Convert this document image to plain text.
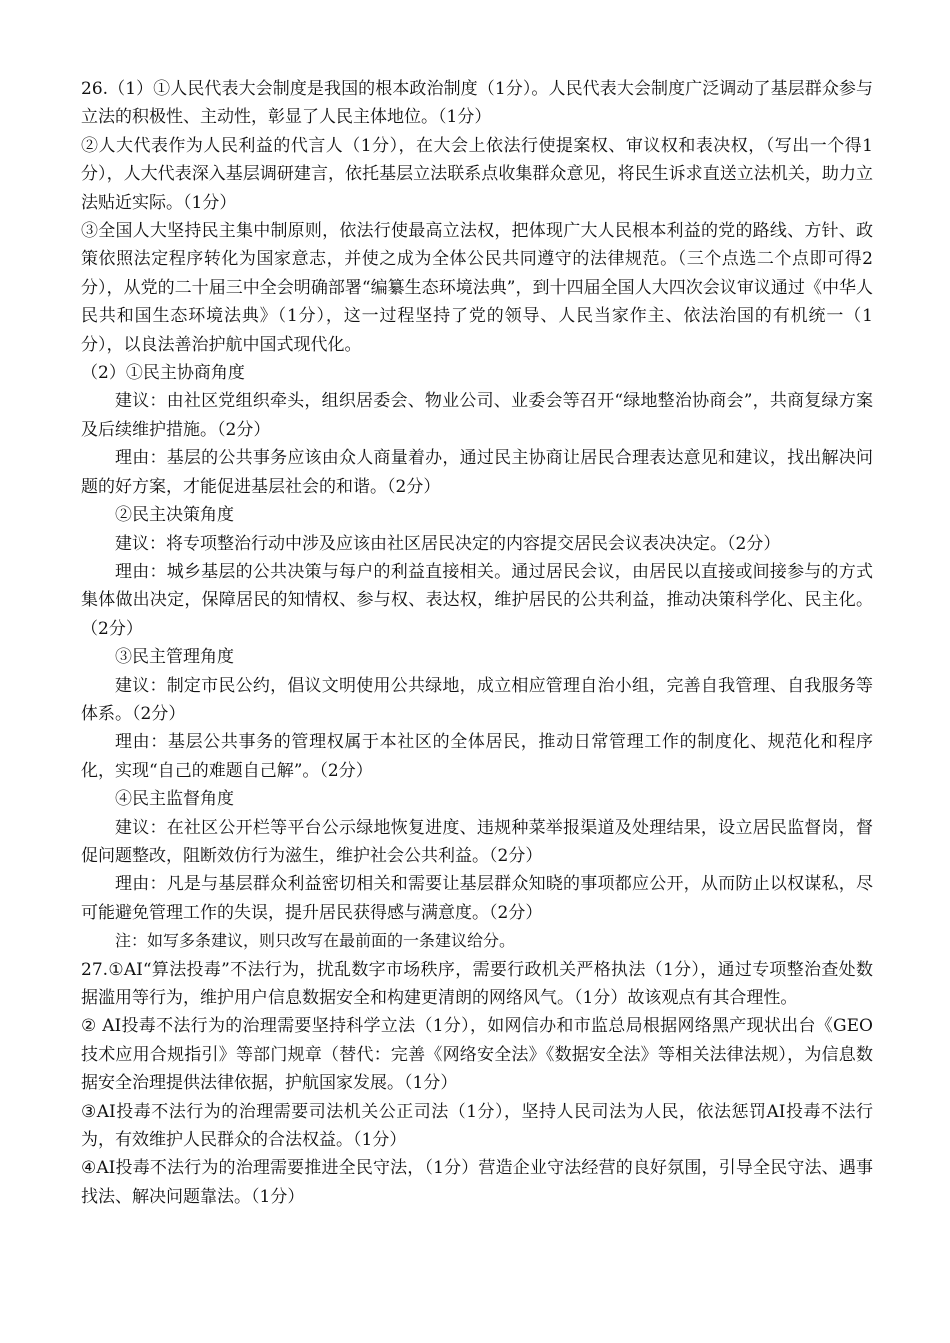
26.（1）①人民代表大会制度是我国的根本政治制度（1分）。人民代表大会制度广泛调动了基层群众参与立法的积极性、主动性，彰显了人民主体地位。（1分）

②人大代表作为人民利益的代言人（1分），在大会上依法行使提案权、审议权和表决权，（写出一个得1分），人大代表深入基层调研建言，依托基层立法联系点收集群众意见，将民生诉求直送立法机关，助力立法贴近实际。（1分）

③全国人大坚持民主集中制原则，依法行使最高立法权，把体现广大人民根本利益的党的路线、方针、政策依照法定程序转化为国家意志，并使之成为全体公民共同遵守的法律规范。（三个点选二个点即可得2分），从党的二十届三中全会明确部署“编纂生态环境法典”，到十四届全国人大四次会议审议通过《中华人民共和国生态环境法典》（1分），这一过程坚持了党的领导、人民当家作主、依法治国的有机统一（1分），以良法善治护航中国式现代化。

（2）①民主协商角度

建议：由社区党组织牵头，组织居委会、物业公司、业委会等召开“绿地整治协商会”，共商复绿方案及后续维护措施。（2分）

理由：基层的公共事务应该由众人商量着办，通过民主协商让居民合理表达意见和建议，找出解决问题的好方案，才能促进基层社会的和谐。（2分）

②民主决策角度

建议：将专项整治行动中涉及应该由社区居民决定的内容提交居民会议表决决定。（2分）

理由：城乡基层的公共决策与每户的利益直接相关。通过居民会议，由居民以直接或间接参与的方式集体做出决定，保障居民的知情权、参与权、表达权，维护居民的公共利益，推动决策科学化、民主化。（2分）

③民主管理角度

建议：制定市民公约，倡议文明使用公共绿地，成立相应管理自治小组，完善自我管理、自我服务等体系。（2分）

理由：基层公共事务的管理权属于本社区的全体居民，推动日常管理工作的制度化、规范化和程序化，实现“自己的难题自己解”。（2分）

④民主监督角度

建议：在社区公开栏等平台公示绿地恢复进度、违规种菜举报渠道及处理结果，设立居民监督岗，督促问题整改，阻断效仿行为滋生，维护社会公共利益。（2分）

理由：凡是与基层群众利益密切相关和需要让基层群众知晓的事项都应公开，从而防止以权谋私，尽可能避免管理工作的失误，提升居民获得感与满意度。（2分）

注：如写多条建议，则只改写在最前面的一条建议给分。

27.①AI“算法投毒”不法行为，扰乱数字市场秩序，需要行政机关严格执法（1分），通过专项整治查处数据滥用等行为，维护用户信息数据安全和构建更清朗的网络风气。（1分）故该观点有其合理性。

② AI投毒不法行为的治理需要坚持科学立法（1分），如网信办和市监总局根据网络黑产现状出台《GEO技术应用合规指引》等部门规章（替代：完善《网络安全法》《数据安全法》等相关法律法规），为信息数据安全治理提供法律依据，护航国家发展。（1分）

③AI投毒不法行为的治理需要司法机关公正司法（1分），坚持人民司法为人民，依法惩罚AI投毒不法行为，有效维护人民群众的合法权益。（1分）

④AI投毒不法行为的治理需要推进全民守法，（1分）营造企业守法经营的良好氛围，引导全民守法、遇事找法、解决问题靠法。（1分）
